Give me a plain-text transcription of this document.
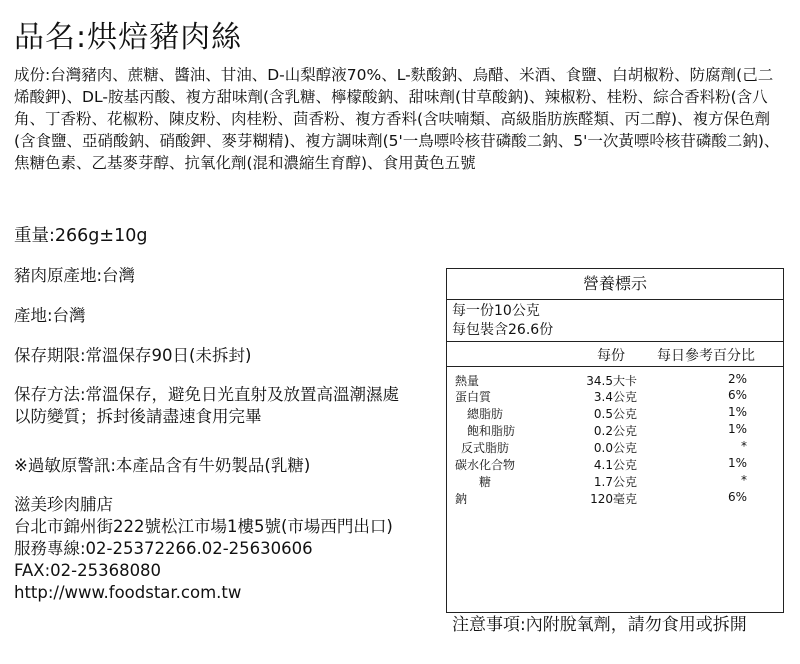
品名:烘焙豬肉絲
成份:台灣豬肉、蔗糖、醬油、甘油、D-山梨醇液70%、L-麩酸鈉、烏醋、米酒、食鹽、白胡椒粉、防腐劑(己二烯酸鉀)、DL-胺基丙酸、複方甜味劑(含乳糖、檸檬酸鈉、甜味劑(甘草酸鈉)、辣椒粉、桂粉、綜合香料粉(含八角、丁香粉、花椒粉、陳皮粉、肉桂粉、茴香粉、複方香料(含呋喃類、高級脂肪族醛類、丙二醇)、複方保色劑(含食鹽、亞硝酸鈉、硝酸鉀、麥芽糊精)、複方調味劑(5'一鳥嘌呤核苷磷酸二鈉、5'一次黃嘌呤核苷磷酸二鈉)、焦糖色素、乙基麥芽醇、抗氧化劑(混和濃縮生育醇)、食用黃色五號
重量:266g±10g
豬肉原產地:台灣
產地:台灣
保存期限:常溫保存90日(未拆封)
保存方法:常溫保存，避免日光直射及放置高溫潮濕處以防變質；拆封後請盡速食用完畢
※過敏原警訊:本產品含有牛奶製品(乳糖)
滋美珍肉脯店
台北市錦州街222號松江市場1樓5號(市場西門出口)
服務專線:02-25372266.02-25630606
FAX:02-25368080
http://www.foodstar.com.tw
營養標示
每一份10公克
每包裝含26.6份
每份 每日參考百分比
熱量	34.5大卡	2%
蛋白質	3.4公克	6%
總脂肪	0.5公克	1%
飽和脂肪	0.2公克	1%
反式脂肪	0.0公克	*
碳水化合物	4.1公克	1%
糖	1.7公克	*
鈉	120毫克	6%
注意事項:內附脫氧劑，請勿食用或拆開
